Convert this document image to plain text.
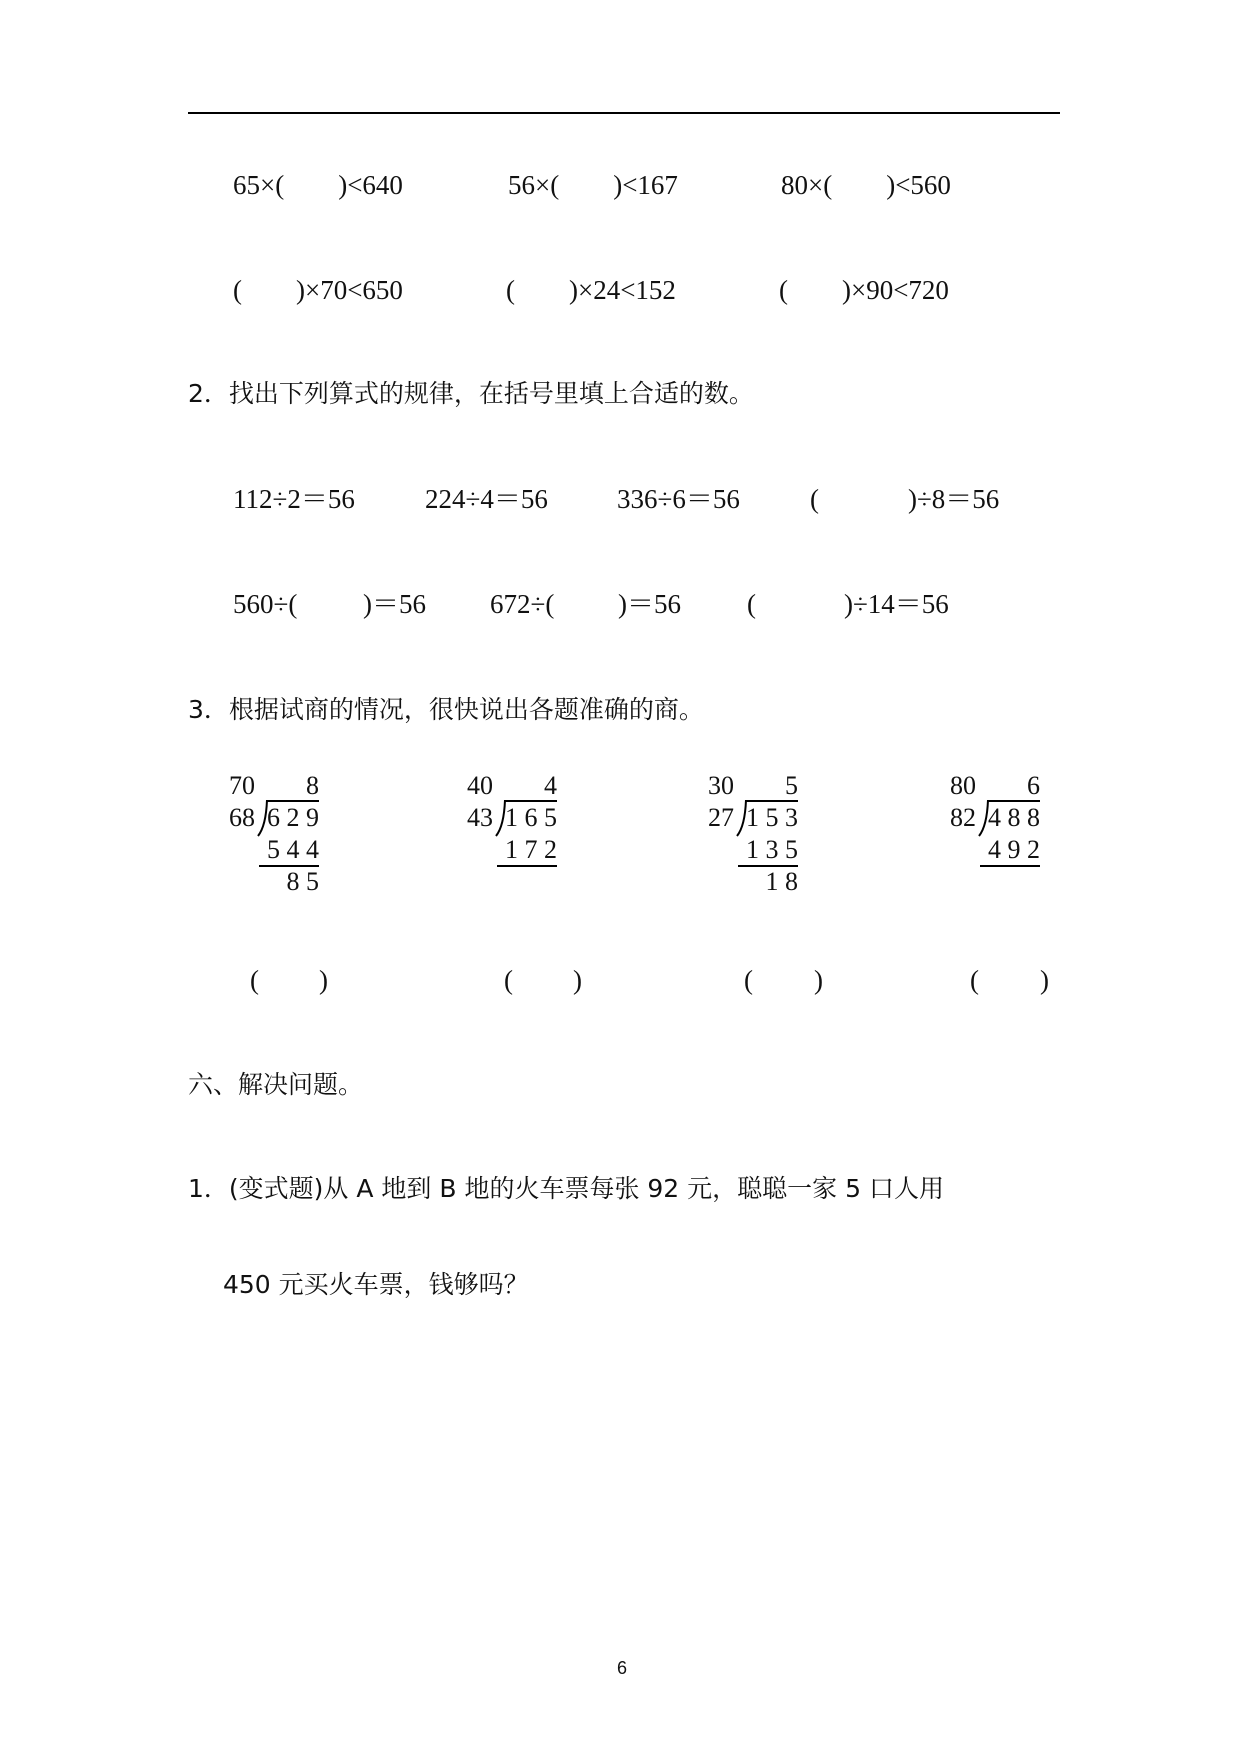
65×(        )<640	56×(        )<167	80×(        )<560
(        )×70<650	(        )×24<152	(        )×90<720
2．找出下列算式的规律，在括号里填上合适的数。
112÷2＝56	224÷4＝56	336÷6＝56	(	)÷8＝56
560÷( )＝56 672÷( )＝56 (	)÷14＝56
3．根据试商的情况，很快说出各题准确的商。
70 8
68 6 2 9
5 4 4
8 5
40 4
43 1 6 5
1 7 2
30 5
27 1 5 3
1 3 5
1 8
80 6
82 4 8 8
4 9 2
( )	( )	( )	( )
六、解决问题。
1．(变式题)从 A 地到 B 地的火车票每张 92 元，聪聪一家 5 口人用
450 元买火车票，钱够吗？
6
